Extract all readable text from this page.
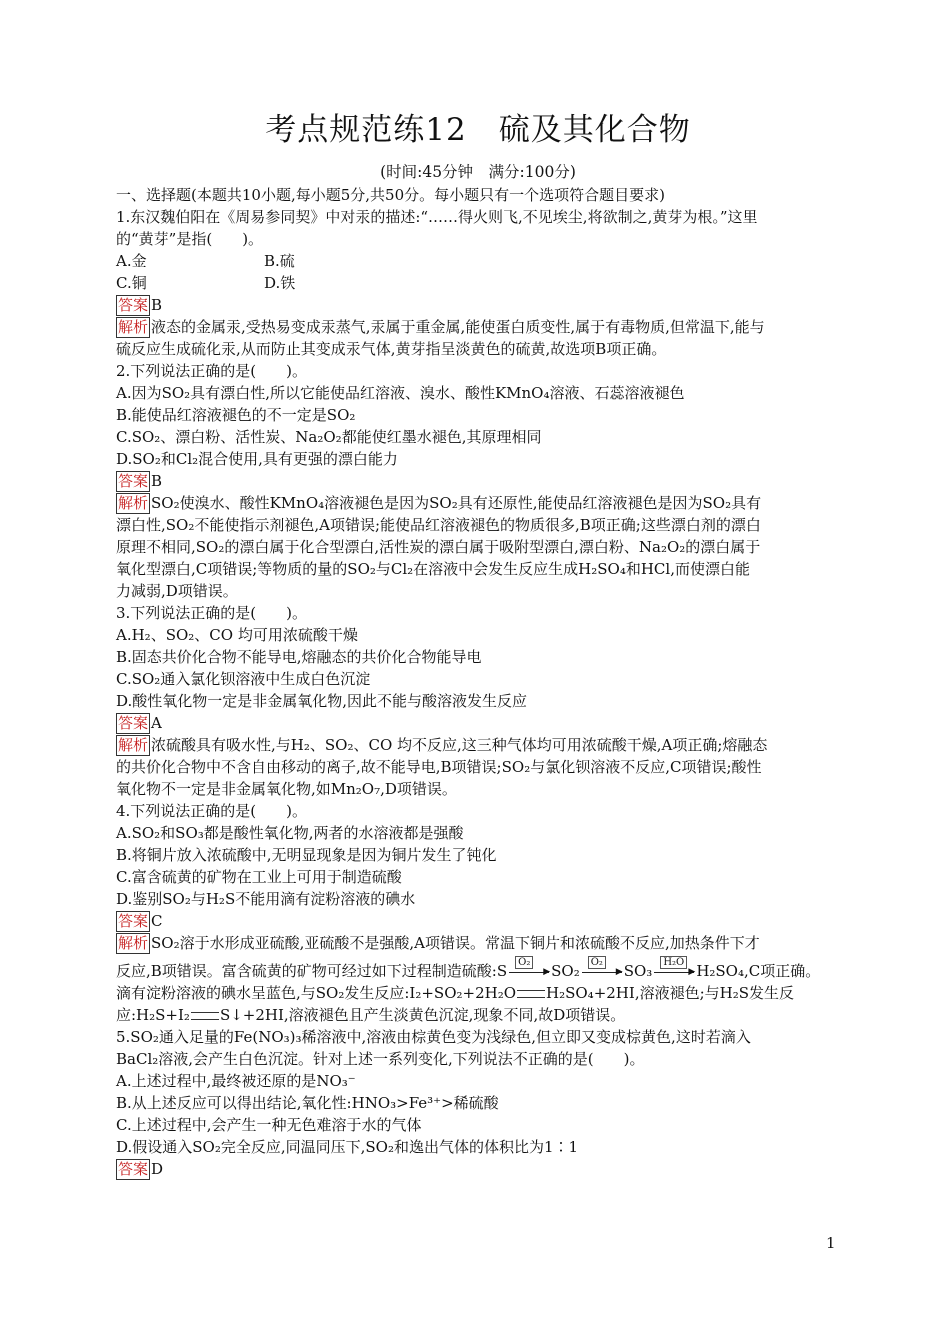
考点规范练12　硫及其化合物
(时间:45分钟　满分:100分)
一、选择题(本题共10小题,每小题5分,共50分。每小题只有一个选项符合题目要求)
1.东汉魏伯阳在《周易参同契》中对汞的描述:“……得火则飞,不见埃尘,将欲制之,黄芽为根。”这里
的“黄芽”是指(　　)。
A.金	B.硫
C.铜	D.铁
答案 B
解析 液态的金属汞,受热易变成汞蒸气,汞属于重金属,能使蛋白质变性,属于有毒物质,但常温下,能与
硫反应生成硫化汞,从而防止其变成汞气体,黄芽指呈淡黄色的硫黄,故选项B项正确。
2.下列说法正确的是(　　)。
A.因为SO₂具有漂白性,所以它能使品红溶液、溴水、酸性KMnO₄溶液、石蕊溶液褪色
B.能使品红溶液褪色的不一定是SO₂
C.SO₂、漂白粉、活性炭、Na₂O₂都能使红墨水褪色,其原理相同
D.SO₂和Cl₂混合使用,具有更强的漂白能力
答案 B
解析 SO₂使溴水、酸性KMnO₄溶液褪色是因为SO₂具有还原性,能使品红溶液褪色是因为SO₂具有
漂白性,SO₂不能使指示剂褪色,A项错误;能使品红溶液褪色的物质很多,B项正确;这些漂白剂的漂白
原理不相同,SO₂的漂白属于化合型漂白,活性炭的漂白属于吸附型漂白,漂白粉、Na₂O₂的漂白属于
氧化型漂白,C项错误;等物质的量的SO₂与Cl₂在溶液中会发生反应生成H₂SO₄和HCl,而使漂白能
力减弱,D项错误。
3.下列说法正确的是(　　)。
A.H₂、SO₂、CO 均可用浓硫酸干燥
B.固态共价化合物不能导电,熔融态的共价化合物能导电
C.SO₂通入氯化钡溶液中生成白色沉淀
D.酸性氧化物一定是非金属氧化物,因此不能与酸溶液发生反应
答案 A
解析 浓硫酸具有吸水性,与H₂、SO₂、CO 均不反应,这三种气体均可用浓硫酸干燥,A项正确;熔融态
的共价化合物中不含自由移动的离子,故不能导电,B项错误;SO₂与氯化钡溶液不反应,C项错误;酸性
氧化物不一定是非金属氧化物,如Mn₂O₇,D项错误。
4.下列说法正确的是(　　)。
A.SO₂和SO₃都是酸性氧化物,两者的水溶液都是强酸
B.将铜片放入浓硫酸中,无明显现象是因为铜片发生了钝化
C.富含硫黄的矿物在工业上可用于制造硫酸
D.鉴别SO₂与H₂S不能用滴有淀粉溶液的碘水
答案 C
解析 SO₂溶于水形成亚硫酸,亚硫酸不是强酸,A项错误。常温下铜片和浓硫酸不反应,加热条件下才
反应,B项错误。富含硫黄的矿物可经过如下过程制造硫酸:S	O₂
▶ SO₂	O₂
▶ SO₃	H₂O
▶ H₂SO₄,C项正确。
滴有淀粉溶液的碘水呈蓝色,与SO₂发生反应:I₂+SO₂+2H₂O H₂SO₄+2HI,溶液褪色;与H₂S发生反
应:H₂S+I₂ S↓+2HI,溶液褪色且产生淡黄色沉淀,现象不同,故D项错误。
5.SO₂通入足量的Fe(NO₃)₃稀溶液中,溶液由棕黄色变为浅绿色,但立即又变成棕黄色,这时若滴入
BaCl₂溶液,会产生白色沉淀。针对上述一系列变化,下列说法不正确的是(　　)。
A.上述过程中,最终被还原的是NO₃⁻
B.从上述反应可以得出结论,氧化性:HNO₃>Fe³⁺>稀硫酸
C.上述过程中,会产生一种无色难溶于水的气体
D.假设通入SO₂完全反应,同温同压下,SO₂和逸出气体的体积比为1∶1
答案 D
1
